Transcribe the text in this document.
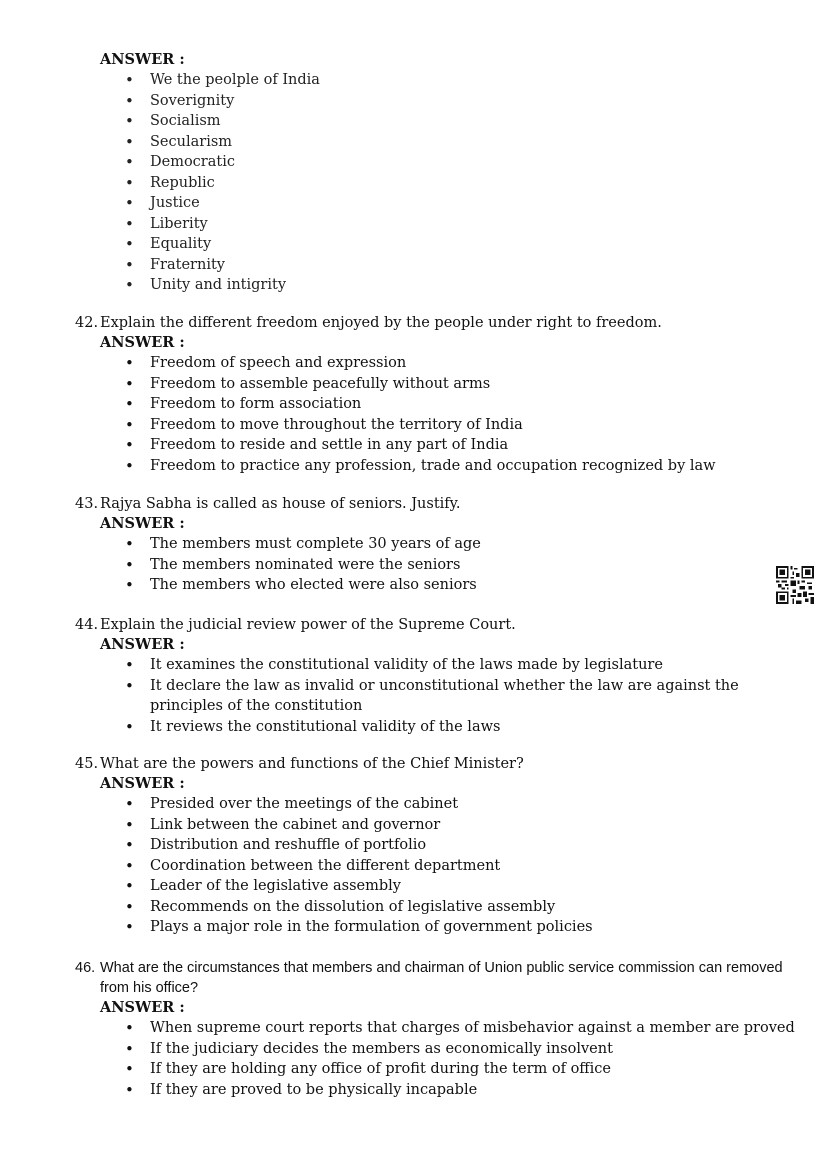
ANSWER :
• We the peolple of India
• Soverignity
• Socialism
• Secularism
• Democratic
• Republic
• Justice
• Liberity
• Equality
• Fraternity
• Unity and intigrity
42. Explain the different freedom enjoyed by the people under right to freedom.
ANSWER :
• Freedom of speech and expression
• Freedom to assemble peacefully without arms
• Freedom to form association
• Freedom to move throughout the territory of India
• Freedom to reside and settle in any part of India
• Freedom to practice any profession, trade and occupation recognized by law
43. Rajya Sabha is called as house of seniors. Justify.
ANSWER :
• The members must complete 30 years of age
• The members nominated were the seniors
• The members who elected were also seniors
44. Explain the judicial review power of the Supreme Court.
ANSWER :
• It examines the constitutional validity of the laws made by legislature
• It declare the law as invalid or unconstitutional whether the law are against the principles of the constitution
• It reviews the constitutional validity of the laws
45. What are the powers and functions of the Chief Minister?
ANSWER :
• Presided over the meetings of the cabinet
• Link between the cabinet and governor
• Distribution and reshuffle of portfolio
• Coordination between the different department
• Leader of the legislative assembly
• Recommends on the dissolution of legislative assembly
• Plays a major role in the formulation of government policies
46. What are the circumstances that members and chairman of Union public service commission can removed from his office?
ANSWER :
• When supreme court reports that charges of misbehavior against a member are proved
• If the judiciary decides the members as economically insolvent
• If they are holding any office of profit during the term of office
• If they are proved to be physically incapable
